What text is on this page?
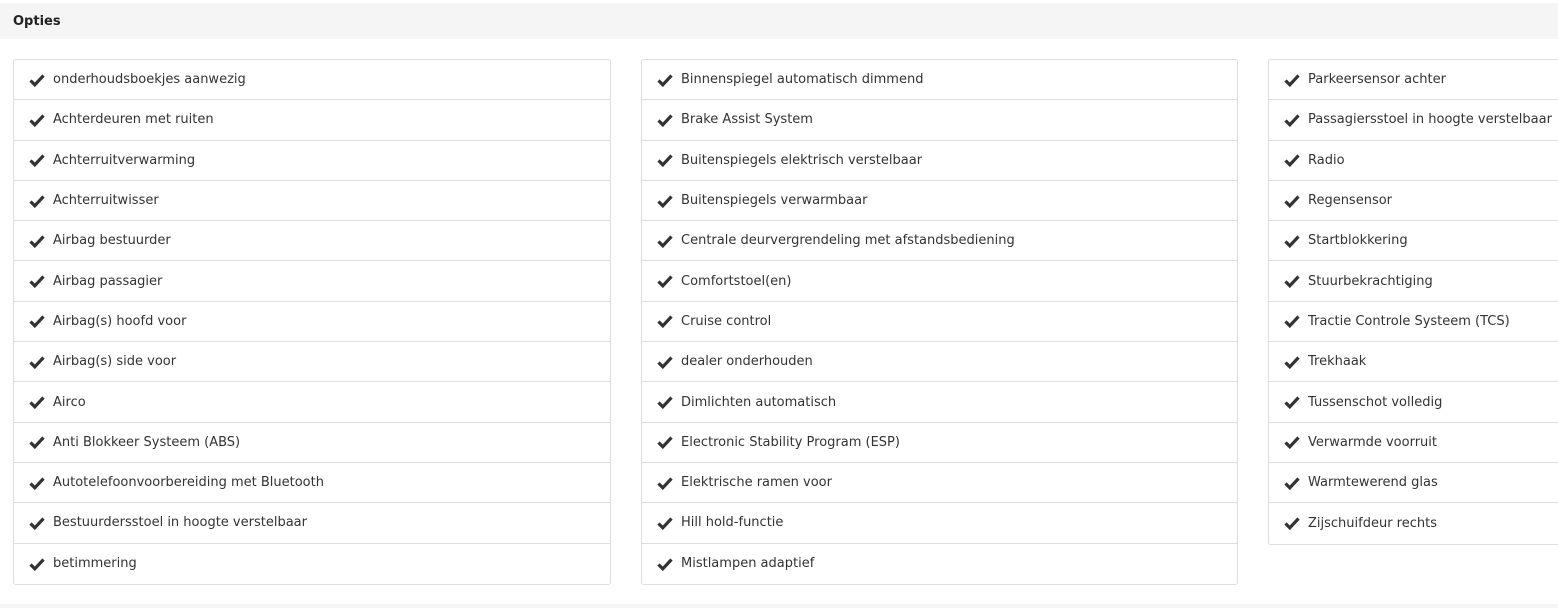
Opties
onderhoudsboekjes aanwezig
Achterdeuren met ruiten
Achterruitverwarming
Achterruitwisser
Airbag bestuurder
Airbag passagier
Airbag(s) hoofd voor
Airbag(s) side voor
Airco
Anti Blokkeer Systeem (ABS)
Autotelefoonvoorbereiding met Bluetooth
Bestuurdersstoel in hoogte verstelbaar
betimmering
Binnenspiegel automatisch dimmend
Brake Assist System
Buitenspiegels elektrisch verstelbaar
Buitenspiegels verwarmbaar
Centrale deurvergrendeling met afstandsbediening
Comfortstoel(en)
Cruise control
dealer onderhouden
Dimlichten automatisch
Electronic Stability Program (ESP)
Elektrische ramen voor
Hill hold-functie
Mistlampen adaptief
Parkeersensor achter
Passagiersstoel in hoogte verstelbaar
Radio
Regensensor
Startblokkering
Stuurbekrachtiging
Tractie Controle Systeem (TCS)
Trekhaak
Tussenschot volledig
Verwarmde voorruit
Warmtewerend glas
Zijschuifdeur rechts
